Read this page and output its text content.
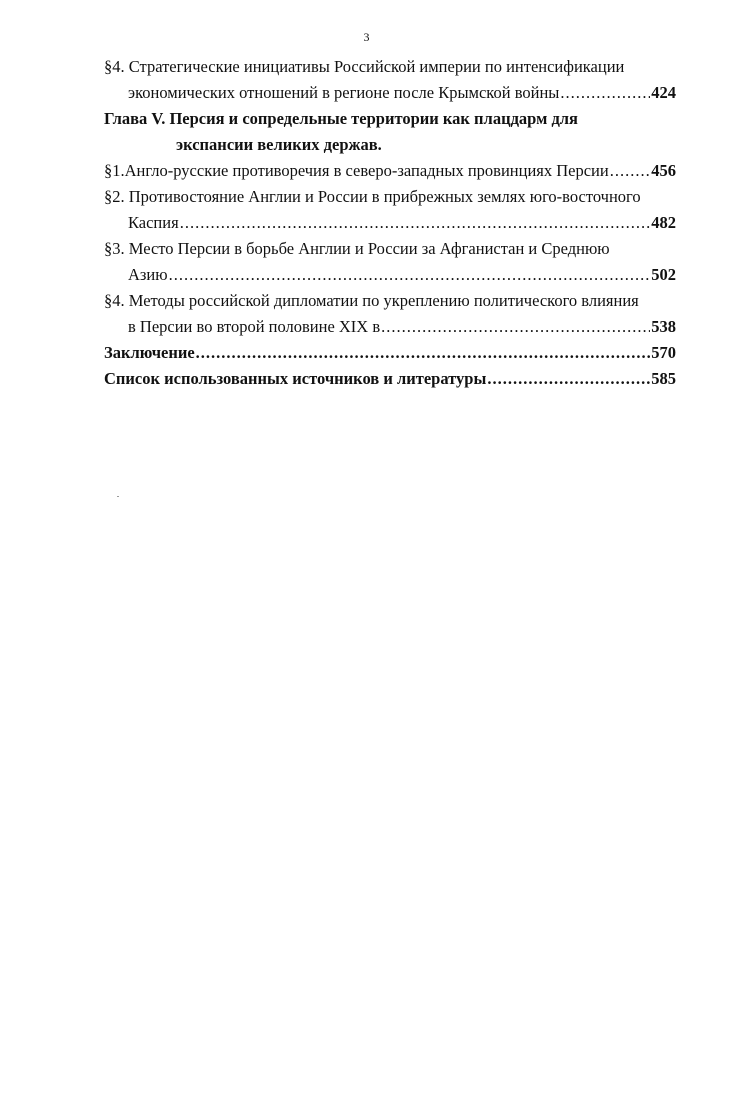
3
§4. Стратегические инициативы Российской империи по интенсификации
экономических отношений в регионе после Крымской войны .....	424
Глава V. Персия и сопредельные территории как плацдарм для
экспансии великих держав.
§1.Англо-русские противоречия в северо-западных провинциях Персии .....	456
§2. Противостояние Англии и России в прибрежных землях юго-восточного
Каспия .....	482
§3. Место Персии в борьбе Англии и России за Афганистан и Среднюю
Азию .....	502
§4. Методы российской дипломатии по укреплению политического влияния
в Персии во второй половине XIX в .....	538
Заключение .....	570
Список использованных источников и литературы .....	585
